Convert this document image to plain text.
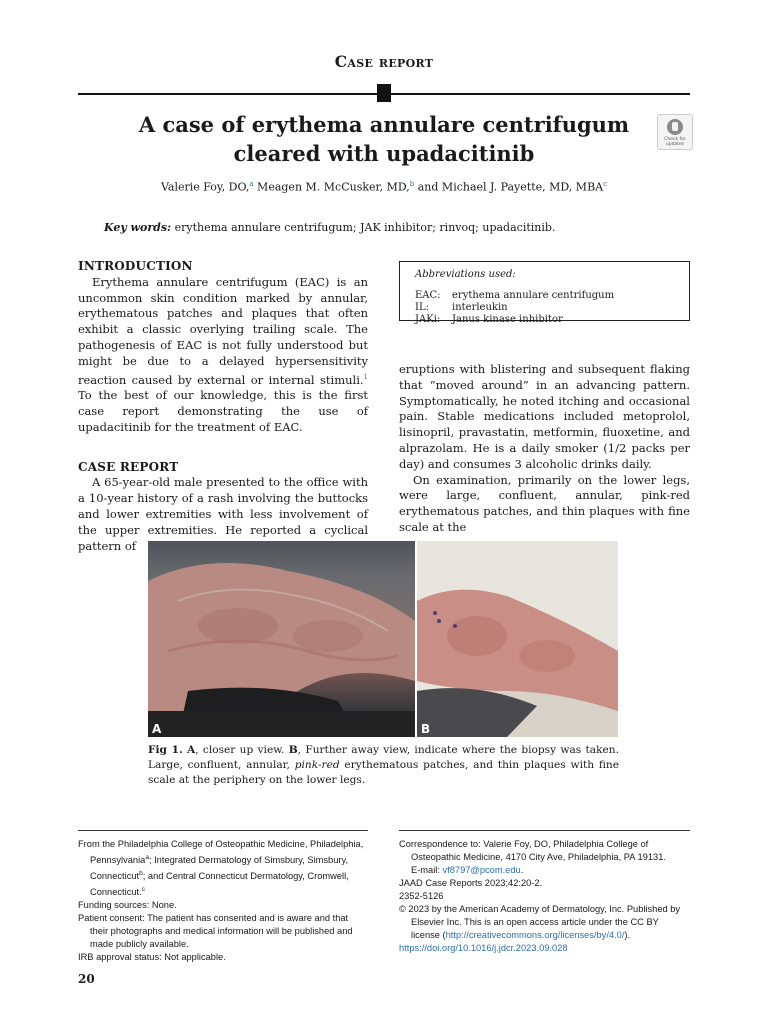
Case report
A case of erythema annulare centrifugum
cleared with upadacitinib
Check for updates
Valerie Foy, DO,$^a$ Meagen M. McCusker, MD,$^b$ and Michael J. Payette, MD, MBA$^c$
Key words: erythema annulare centrifugum; JAK inhibitor; rinvoq; upadacitinib.
INTRODUCTION

Erythema annulare centrifugum (EAC) is an uncommon skin condition marked by annular, erythematous patches and plaques that often exhibit a classic overlying trailing scale. The pathogenesis of EAC is not fully understood but might be due to a delayed hypersensitivity reaction caused by external or internal stimuli.$^1$ To the best of our knowledge, this is the first case report demonstrating the use of upadacitinib for the treatment of EAC.

CASE REPORT

A 65-year-old male presented to the office with a 10-year history of a rash involving the buttocks and lower extremities with less involvement of the upper extremities. He reported a cyclical pattern of

Abbreviations used:
EAC: erythema annulare centrifugum
IL: interleukin
JAKi: Janus kinase inhibitor

eruptions with blistering and subsequent flaking that “moved around” in an advancing pattern. Symptomatically, he noted itching and occasional pain. Stable medications included metoprolol, lisinopril, pravastatin, metformin, fluoxetine, and alprazolam. He is a daily smoker (1/2 packs per day) and consumes 3 alcoholic drinks daily.

On examination, primarily on the lower legs, were large, confluent, annular, pink-red erythematous patches, and thin plaques with fine scale at the

A	B
Fig 1. A, closer up view. B, Further away view, indicate where the biopsy was taken. Large, confluent, annular, pink-red erythematous patches, and thin plaques with fine scale at the periphery on the lower legs.

From the Philadelphia College of Osteopathic Medicine, Philadelphia, Pennsylvania$^a$; Integrated Dermatology of Simsbury, Simsbury, Connecticut$^b$; and Central Connecticut Dermatology, Cromwell, Connecticut.$^c$

Funding sources: None.

Patient consent: The patient has consented and is aware and that their photographs and medical information will be published and made publicly available.

IRB approval status: Not applicable.

Correspondence to: Valerie Foy, DO, Philadelphia College of Osteopathic Medicine, 4170 City Ave, Philadelphia, PA 19131.
E-mail: vf8797@pcom.edu.

JAAD Case Reports 2023;42:20-2.

2352-5126

© 2023 by the American Academy of Dermatology, Inc. Published by Elsevier Inc. This is an open access article under the CC BY license (http://creativecommons.org/licenses/by/4.0/).

https://doi.org/10.1016/j.jdcr.2023.09.028

20
